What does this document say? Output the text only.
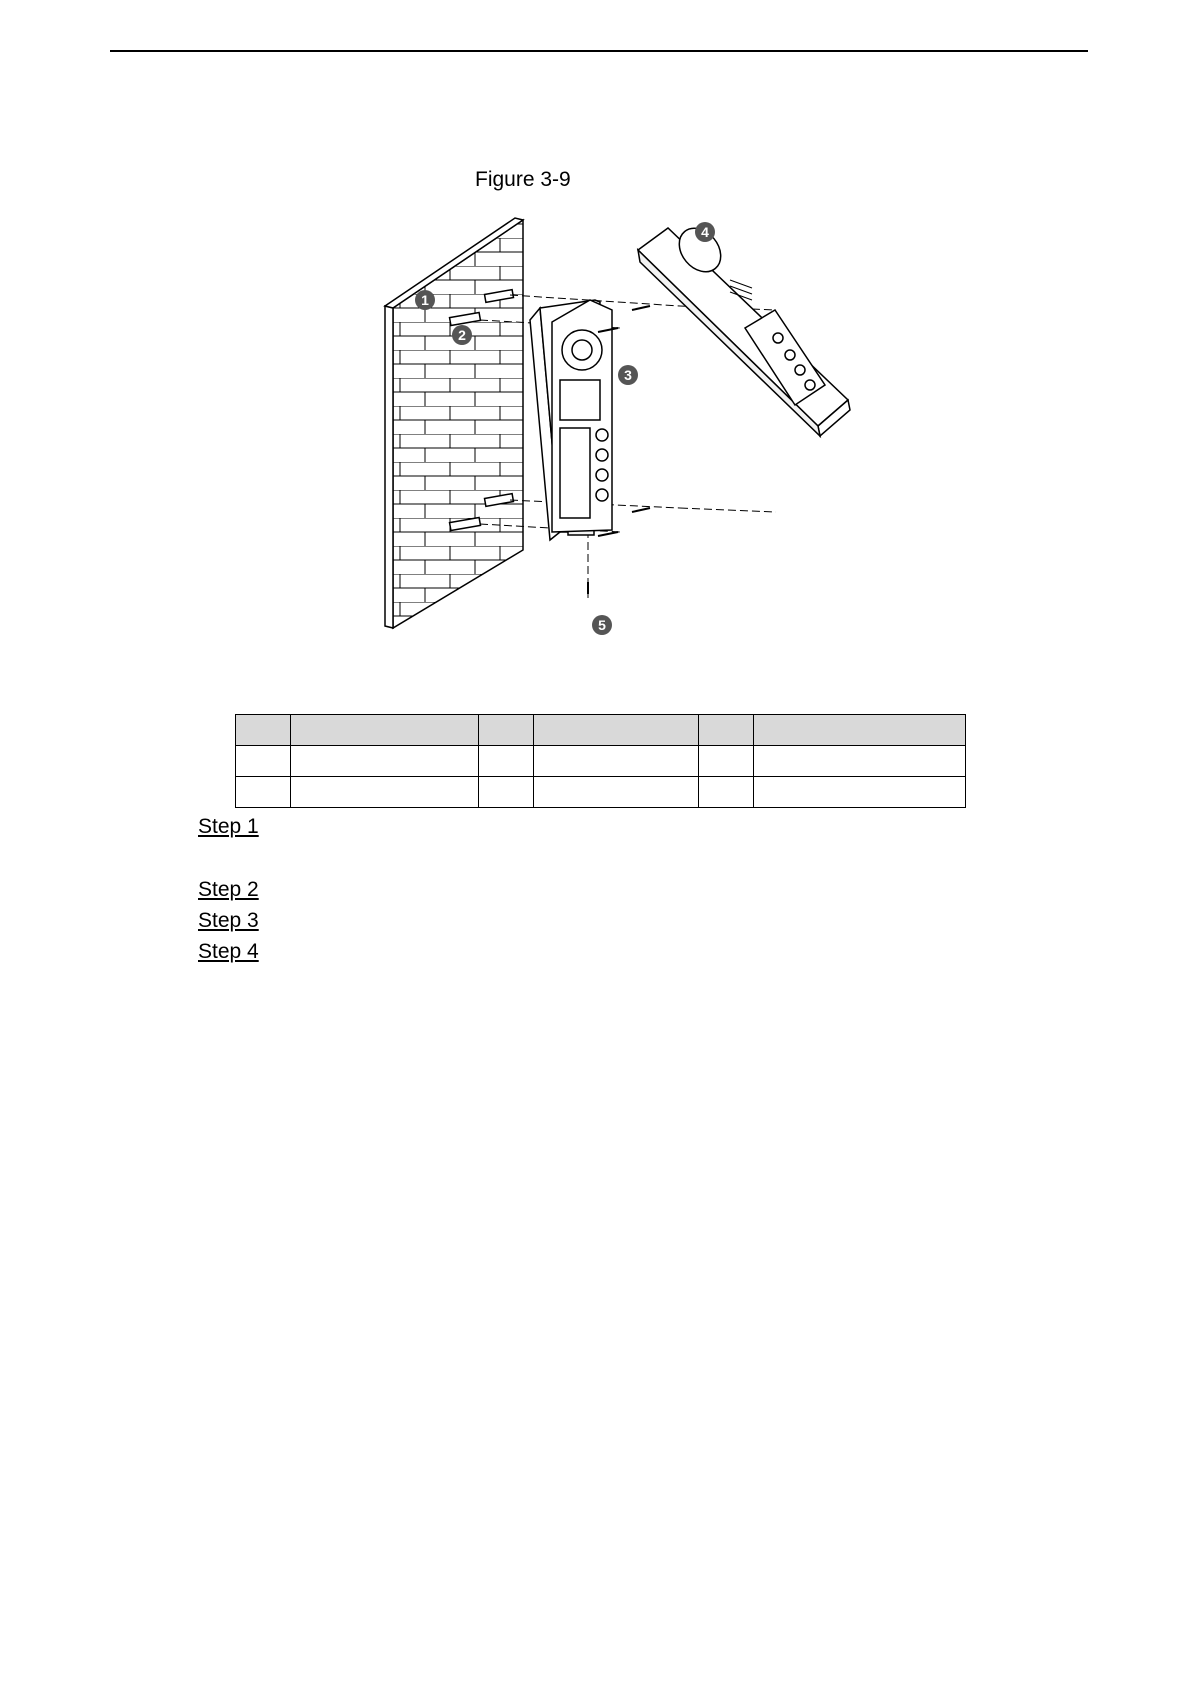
Figure 3-9
1
2
3
4
5

Step 1
Step 2
Step 3
Step 4
